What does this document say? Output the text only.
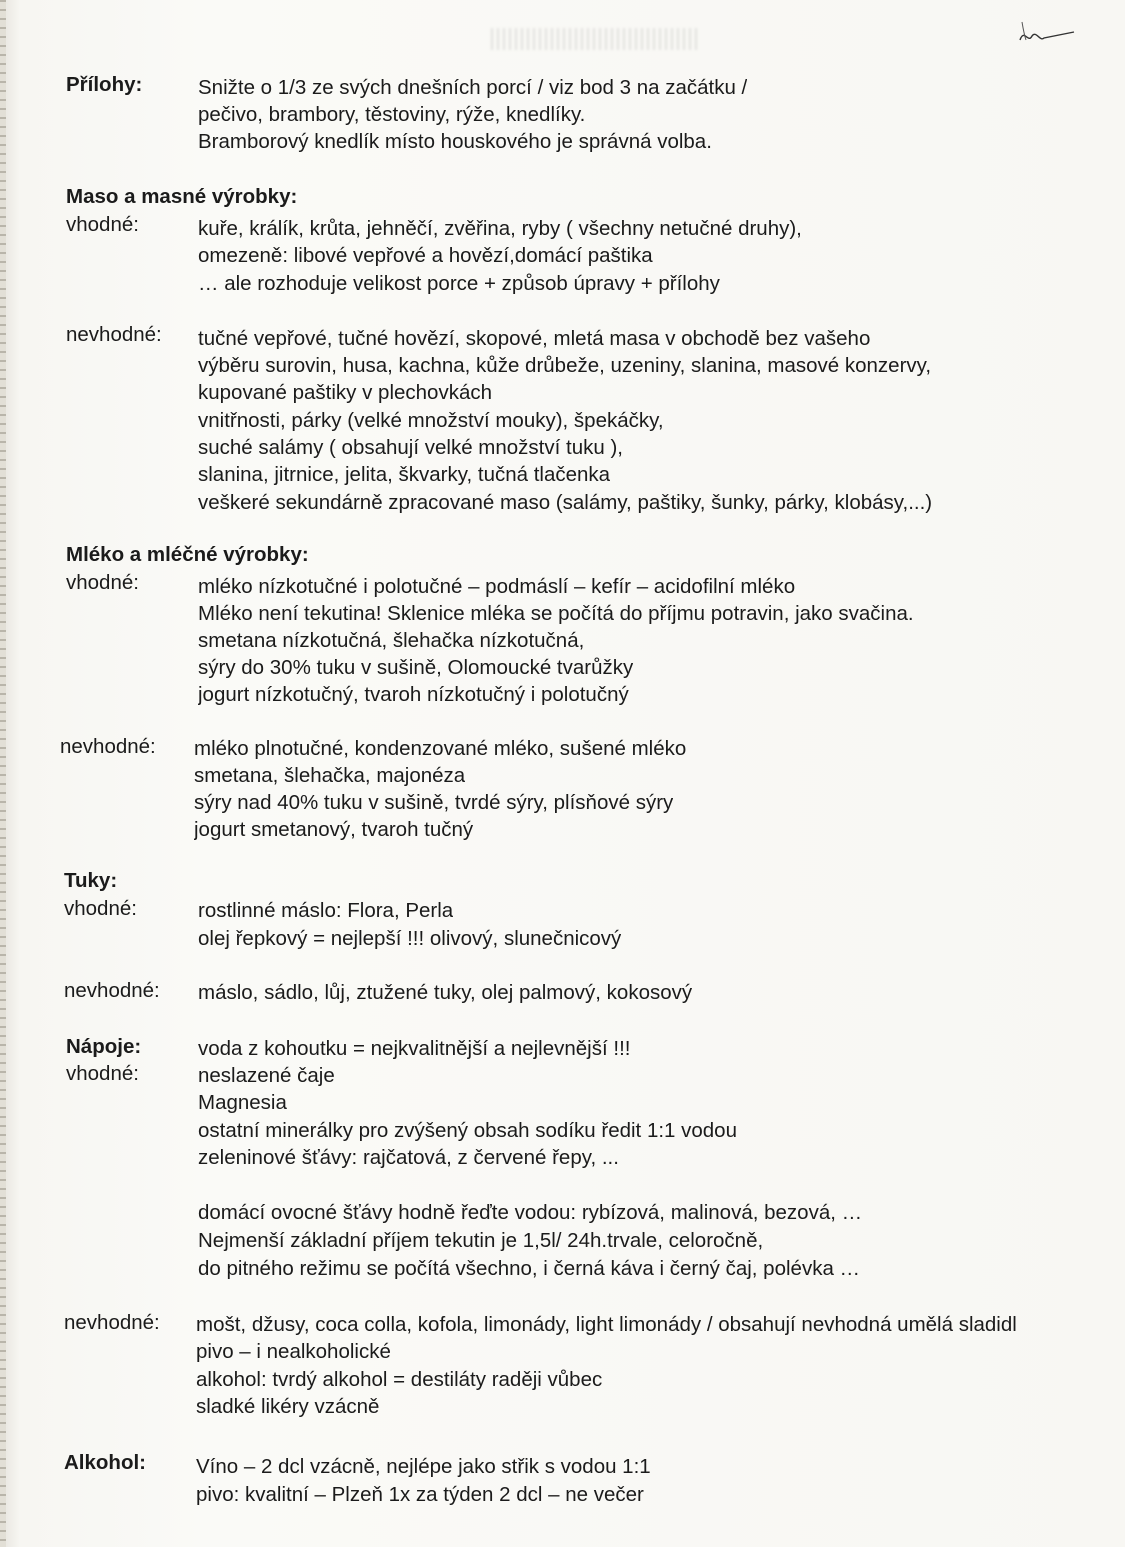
Přílohy:	Snižte o 1/3 ze svých dnešních porcí / viz bod 3 na začátku /
pečivo, brambory, těstoviny, rýže, knedlíky.
Bramborový knedlík místo houskového je správná volba.
Maso a masné výrobky:
vhodné:	kuře, králík, krůta, jehněčí, zvěřina, ryby ( všechny netučné druhy),
omezeně: libové vepřové a hovězí,domácí paštika
… ale rozhoduje velikost porce + způsob úpravy + přílohy
nevhodné: tučné vepřové, tučné hovězí, skopové, mletá masa v obchodě bez vašeho
výběru surovin, husa, kachna, kůže drůbeže, uzeniny, slanina, masové konzervy,
kupované paštiky v plechovkách
vnitřnosti, párky (velké množství mouky), špekáčky,
suché salámy ( obsahují velké množství tuku ),
slanina, jitrnice, jelita, škvarky, tučná tlačenka
veškeré sekundárně zpracované maso (salámy, paštiky, šunky, párky, klobásy,...)
Mléko a mléčné výrobky:
vhodné:	mléko nízkotučné i polotučné – podmáslí – kefír – acidofilní mléko
Mléko není tekutina! Sklenice mléka se počítá do příjmu potravin, jako svačina.
smetana nízkotučná, šlehačka nízkotučná,
sýry do 30% tuku v sušině, Olomoucké tvarůžky
jogurt nízkotučný, tvaroh nízkotučný i polotučný
nevhodné: mléko plnotučné, kondenzované mléko, sušené mléko
smetana, šlehačka, majonéza
sýry nad 40% tuku v sušině, tvrdé sýry, plísňové sýry
jogurt smetanový, tvaroh tučný
Tuky:
vhodné:	rostlinné máslo: Flora, Perla
olej řepkový = nejlepší !!! olivový, slunečnicový
nevhodné: máslo, sádlo, lůj, ztužené tuky, olej palmový, kokosový
Nápoje:
vhodné:
voda z kohoutku = nejkvalitnější a nejlevnější !!!
neslazené čaje
Magnesia
ostatní minerálky pro zvýšený obsah sodíku ředit 1:1 vodou
zeleninové šťávy: rajčatová, z červené řepy, ...
domácí ovocné šťávy hodně řeďte vodou: rybízová, malinová, bezová, …
Nejmenší základní příjem tekutin je 1,5l/ 24h.trvale, celoročně,
do pitného režimu se počítá všechno, i černá káva i černý čaj, polévka …
nevhodné: mošt, džusy, coca colla, kofola, limonády, light limonády / obsahují nevhodná umělá sladidl
pivo – i nealkoholické
alkohol: tvrdý alkohol = destiláty raději vůbec
sladké likéry vzácně
Alkohol: Víno – 2 dcl vzácně, nejlépe jako střik s vodou 1:1
pivo: kvalitní – Plzeň 1x za týden 2 dcl – ne večer
